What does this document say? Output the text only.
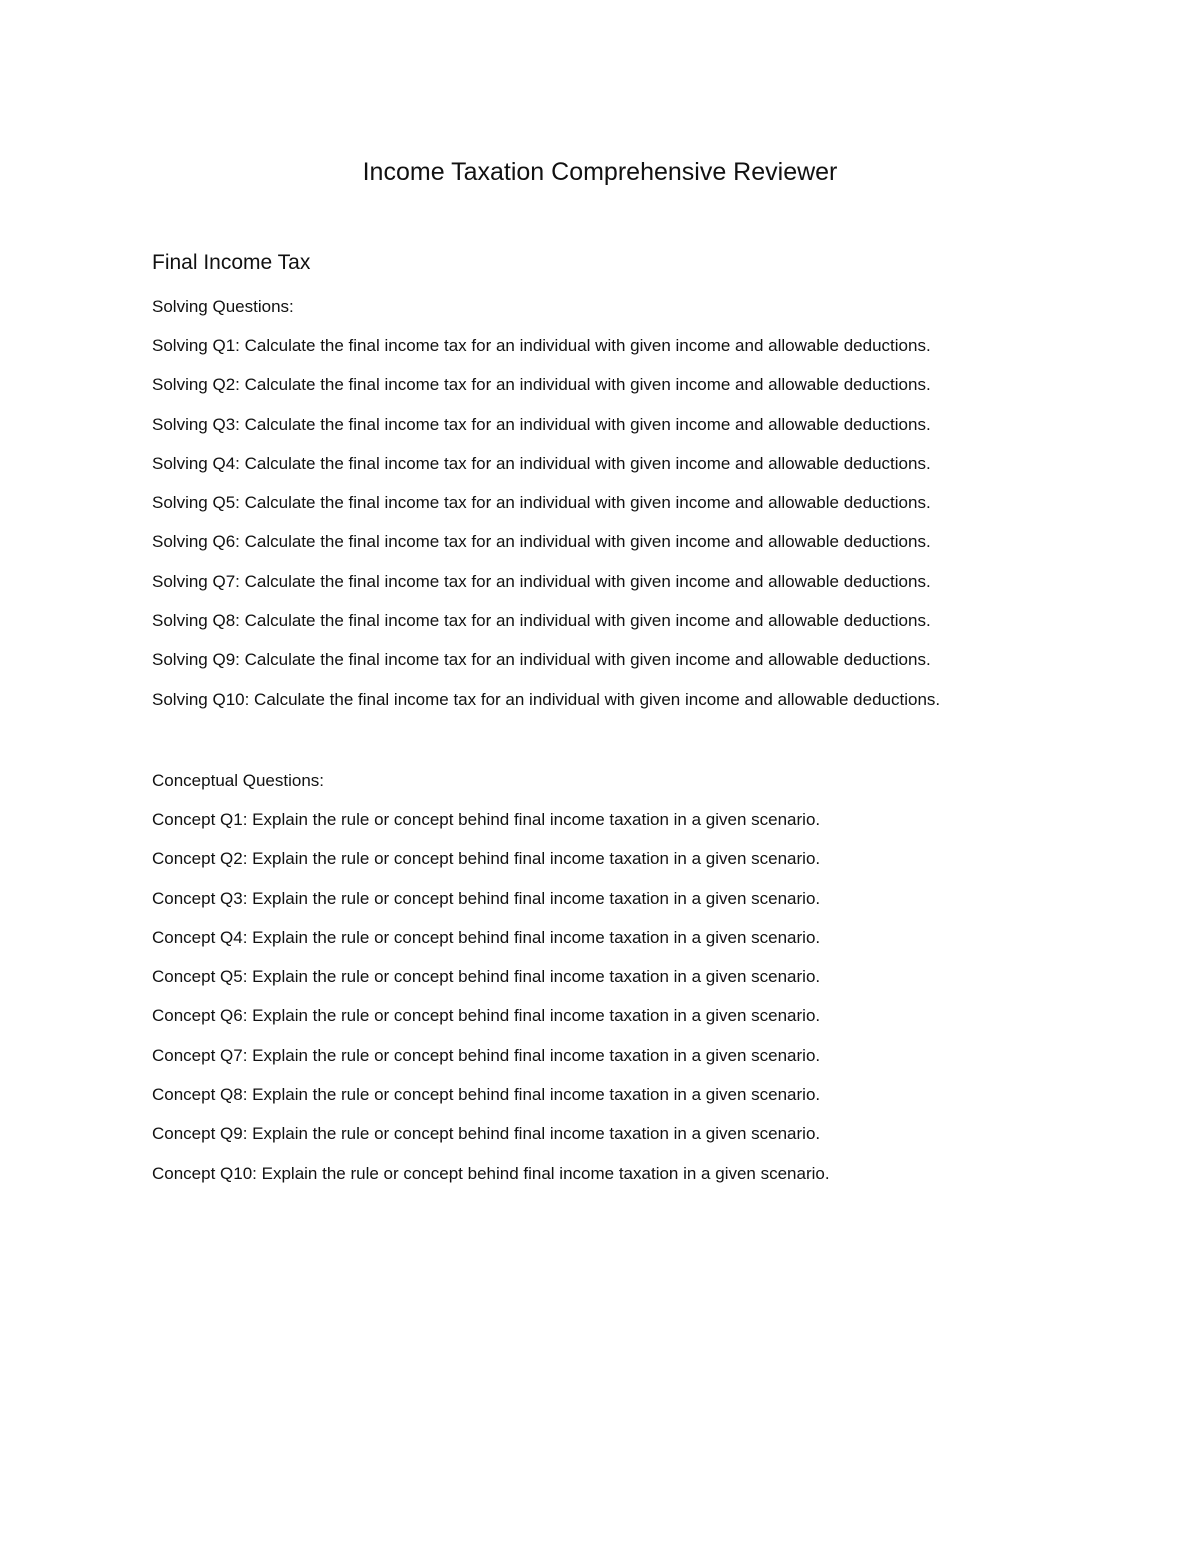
Income Taxation Comprehensive Reviewer
Final Income Tax
Solving Questions:
Solving Q1: Calculate the final income tax for an individual with given income and allowable deductions.
Solving Q2: Calculate the final income tax for an individual with given income and allowable deductions.
Solving Q3: Calculate the final income tax for an individual with given income and allowable deductions.
Solving Q4: Calculate the final income tax for an individual with given income and allowable deductions.
Solving Q5: Calculate the final income tax for an individual with given income and allowable deductions.
Solving Q6: Calculate the final income tax for an individual with given income and allowable deductions.
Solving Q7: Calculate the final income tax for an individual with given income and allowable deductions.
Solving Q8: Calculate the final income tax for an individual with given income and allowable deductions.
Solving Q9: Calculate the final income tax for an individual with given income and allowable deductions.
Solving Q10: Calculate the final income tax for an individual with given income and allowable deductions.
Conceptual Questions:
Concept Q1: Explain the rule or concept behind final income taxation in a given scenario.
Concept Q2: Explain the rule or concept behind final income taxation in a given scenario.
Concept Q3: Explain the rule or concept behind final income taxation in a given scenario.
Concept Q4: Explain the rule or concept behind final income taxation in a given scenario.
Concept Q5: Explain the rule or concept behind final income taxation in a given scenario.
Concept Q6: Explain the rule or concept behind final income taxation in a given scenario.
Concept Q7: Explain the rule or concept behind final income taxation in a given scenario.
Concept Q8: Explain the rule or concept behind final income taxation in a given scenario.
Concept Q9: Explain the rule or concept behind final income taxation in a given scenario.
Concept Q10: Explain the rule or concept behind final income taxation in a given scenario.
